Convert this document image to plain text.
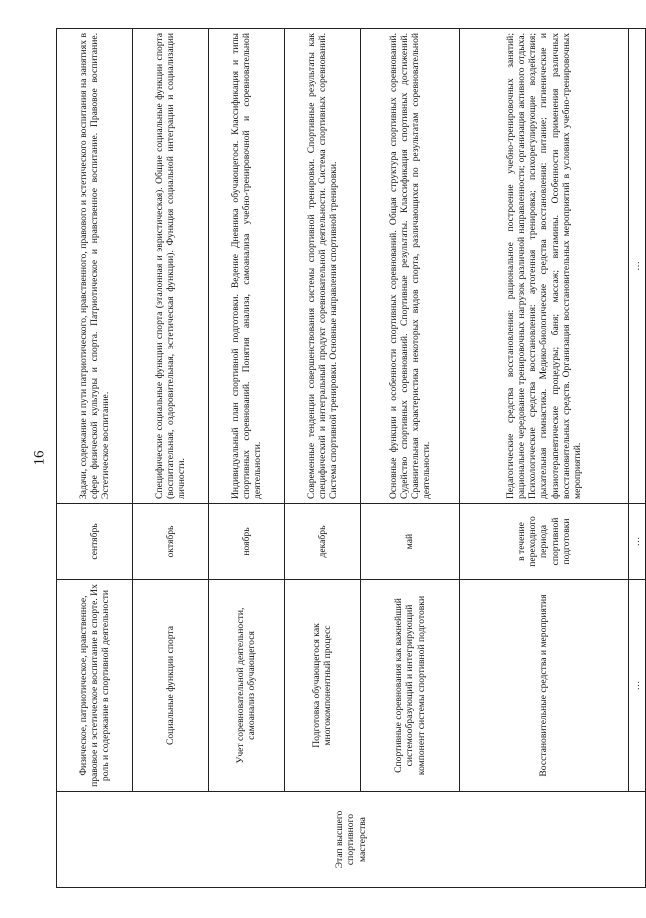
16
Этап высшего спортивного мастерства	Физическое, патриотическое, нравственное, правовое и эстетическое воспитание в спорте. Их роль и содержание в спортивной деятельности	сентябрь	Задачи, содержание и пути патриотического, нравственного, правового и эстетического воспитания на занятиях в сфере физической культуры и спорта. Патриотическое и нравственное воспитание. Правовое воспитание. Эстетическое воспитание.
	Социальные функции спорта	октябрь	Специфические социальные функции спорта (эталонная и эвристическая). Общие социальные функции спорта (воспитательная, оздоровительная, эстетическая функции). Функция социальной интеграции и социализации личности.
	Учет соревновательной деятельности, самоанализ обучающегося	ноябрь	Индивидуальный план спортивной подготовки. Ведение Дневника обучающегося. Классификация и типы спортивных соревнований. Понятия анализа, самоанализа учебно-тренировочной и соревновательной деятельности.
	Подготовка обучающегося как многокомпонентный процесс	декабрь	Современные тенденции совершенствования системы спортивной тренировки. Спортивные результаты как специфический и интегральный продукт соревновательной деятельности. Система спортивных соревнований. Система спортивной тренировки. Основные направления спортивной тренировки.
	Спортивные соревнования как важнейший системообразующий и интегрирующий компонент системы спортивной подготовки	май	Основные функции и особенности спортивных соревнований. Общая структура спортивных соревнований. Судейство спортивных соревнований. Спортивные результаты. Классификация спортивных достижений. Сравнительная характеристика некоторых видов спорта, различающихся по результатам соревновательной деятельности.
	Восстановительные средства и мероприятия	в течение переходного периода спортивной подготовки	Педагогические средства восстановления: рациональное построение учебно-тренировочных занятий; рациональное чередование тренировочных нагрузок различной направленности; организация активного отдыха. Психологические средства восстановления: аутогенная тренировка; психорегулирующие воздействия; дыхательная гимнастика. Медико-биологические средства восстановления: питание; гигиенические и физиотерапевтические процедуры; баня; массаж; витамины. Особенности применения различных восстановительных средств. Организация восстановительных мероприятий в условиях учебно-тренировочных мероприятий.
	…	…	…
